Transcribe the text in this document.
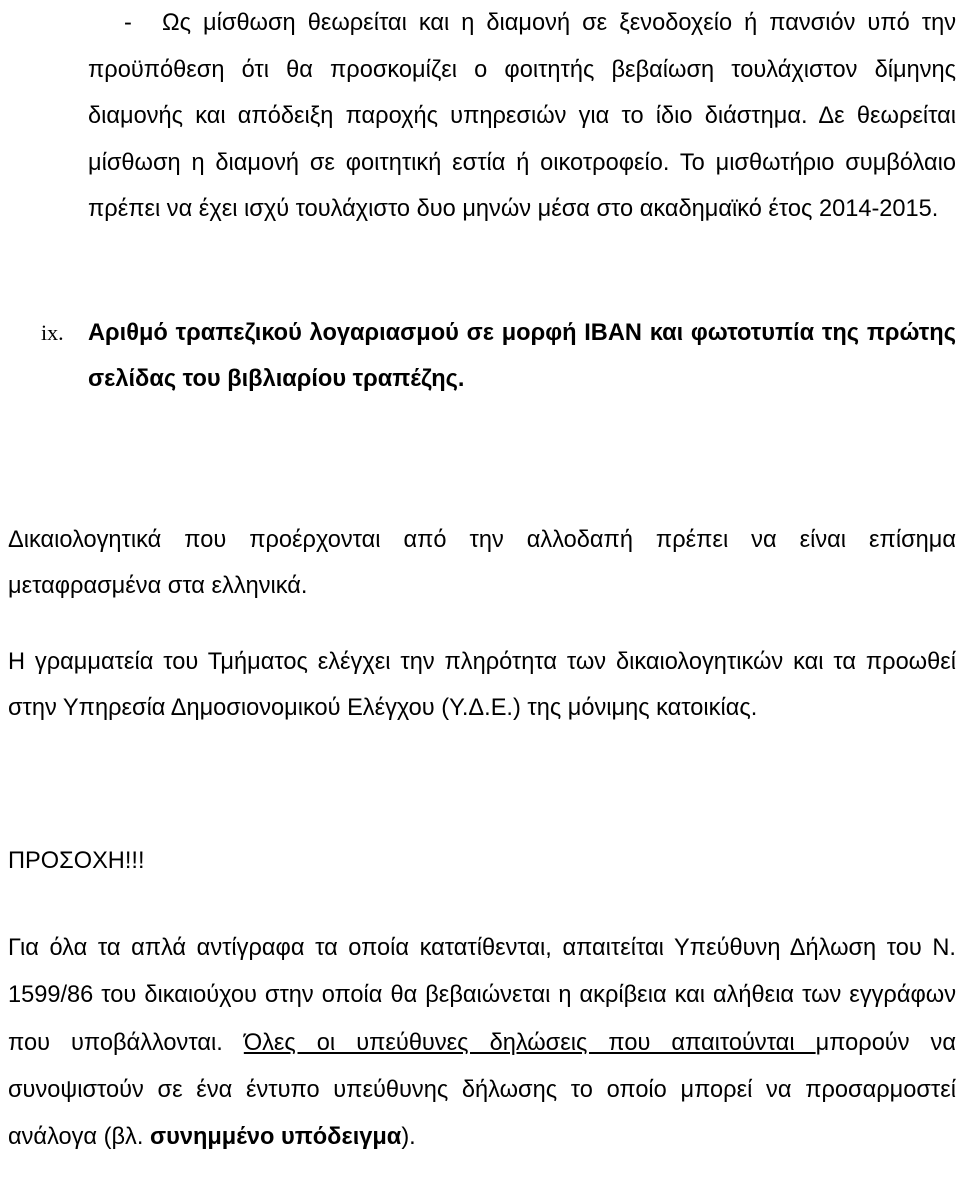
-	Ως μίσθωση θεωρείται και η διαμονή σε ξενοδοχείο ή πανσιόν υπό την προϋπόθεση ότι θα προσκομίζει ο φοιτητής βεβαίωση τουλάχιστον δίμηνης διαμονής και απόδειξη παροχής υπηρεσιών για το ίδιο διάστημα. Δε θεωρείται μίσθωση η διαμονή σε φοιτητική εστία ή οικοτροφείο. Το μισθωτήριο συμβόλαιο πρέπει να έχει ισχύ τουλάχιστο δυο μηνών μέσα στο ακαδημαϊκό έτος 2014-2015.
ix. Αριθμό τραπεζικού λογαριασμού σε μορφή IBAN και φωτοτυπία της πρώτης σελίδας του βιβλιαρίου τραπέζης.

Δικαιολογητικά που προέρχονται από την αλλοδαπή πρέπει να είναι επίσημα μεταφρασμένα στα ελληνικά.

Η γραμματεία του Τμήματος ελέγχει την πληρότητα των δικαιολογητικών και τα προωθεί στην Υπηρεσία Δημοσιονομικού Ελέγχου (Υ.Δ.Ε.) της μόνιμης κατοικίας.

ΠΡΟΣΟΧΗ!!!

Για όλα τα απλά αντίγραφα τα οποία κατατίθενται, απαιτείται Υπεύθυνη Δήλωση του Ν. 1599/86 του δικαιούχου στην οποία θα βεβαιώνεται η ακρίβεια και αλήθεια των εγγράφων που υποβάλλονται. Όλες οι υπεύθυνες δηλώσεις που απαιτούνται μπορούν να συνοψιστούν σε ένα έντυπο υπεύθυνης δήλωσης το οποίο μπορεί να προσαρμοστεί ανάλογα (βλ. συνημμένο υπόδειγμα).
